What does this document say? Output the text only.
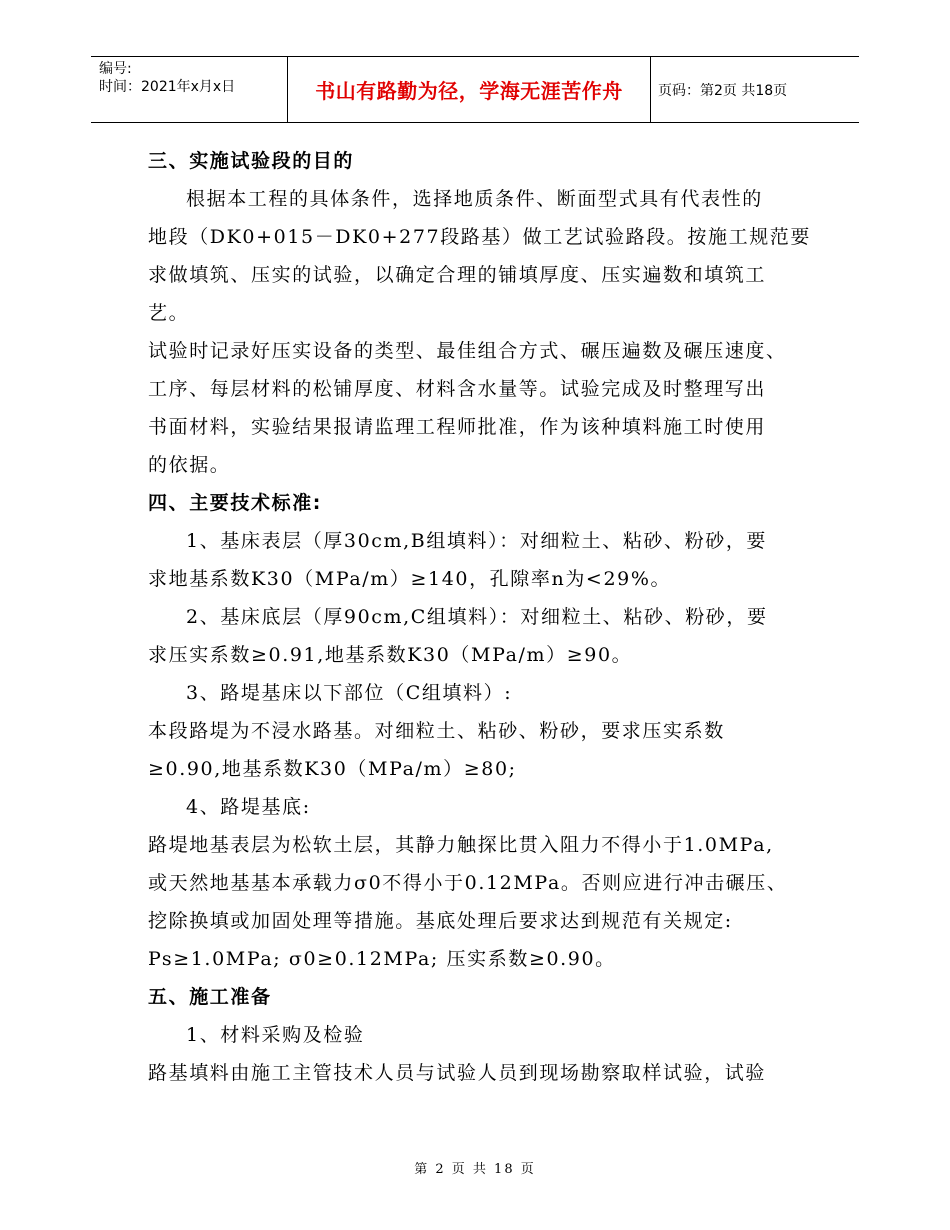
编号:
时间：2021年x月x日	书山有路勤为径，学海无涯苦作舟	页码：第2页 共18页

三、实施试验段的目的

根据本工程的具体条件，选择地质条件、断面型式具有代表性的

地段（DK0+015－DK0+277段路基）做工艺试验路段。按施工规范要

求做填筑、压实的试验，以确定合理的铺填厚度、压实遍数和填筑工

艺。

试验时记录好压实设备的类型、最佳组合方式、碾压遍数及碾压速度、

工序、每层材料的松铺厚度、材料含水量等。试验完成及时整理写出

书面材料，实验结果报请监理工程师批准，作为该种填料施工时使用

的依据。

四、主要技术标准:

1、基床表层（厚30cm,B组填料）：对细粒土、粘砂、粉砂，要

求地基系数K30（MPa/m）≥140，孔隙率n为<29%。

2、基床底层（厚90cm,C组填料）：对细粒土、粘砂、粉砂，要

求压实系数≥0.91,地基系数K30（MPa/m）≥90。

3、路堤基床以下部位（C组填料）:

本段路堤为不浸水路基。对细粒土、粘砂、粉砂，要求压实系数

≥0.90,地基系数K30（MPa/m）≥80;

4、路堤基底:

路堤地基表层为松软土层，其静力触探比贯入阻力不得小于1.0MPa,

或天然地基基本承载力σ0不得小于0.12MPa。否则应进行冲击碾压、

挖除换填或加固处理等措施。基底处理后要求达到规范有关规定:

Ps≥1.0MPa; σ0≥0.12MPa; 压实系数≥0.90。

五、施工准备

1、材料采购及检验

路基填料由施工主管技术人员与试验人员到现场勘察取样试验，试验

第 2 页 共 18 页
